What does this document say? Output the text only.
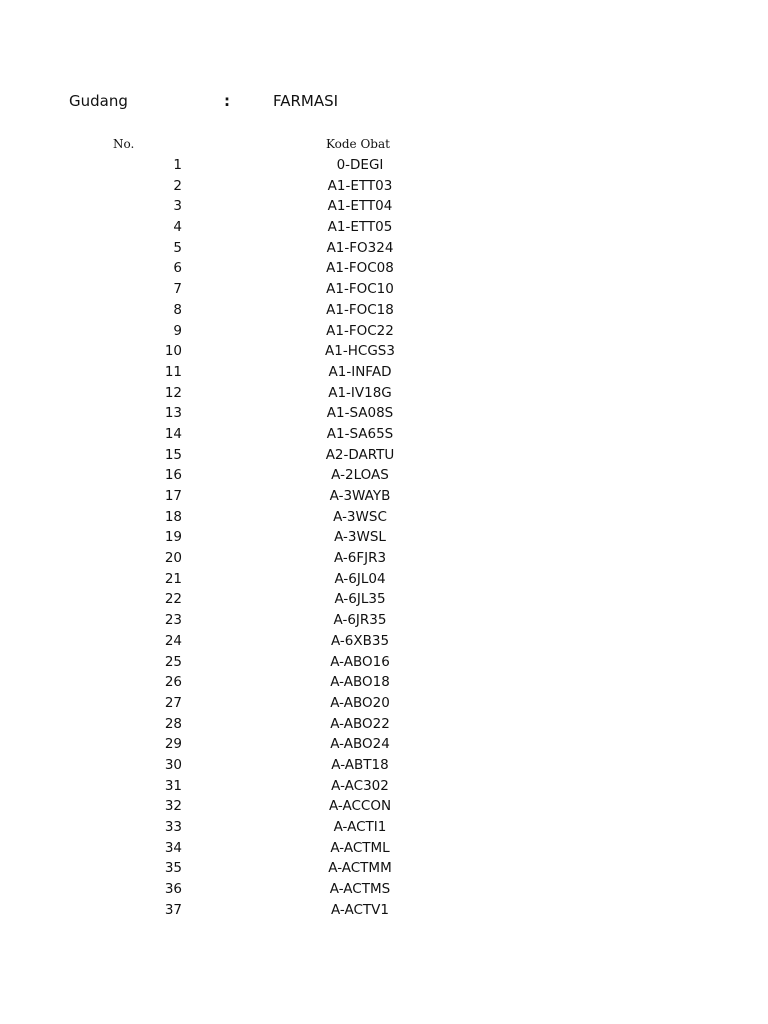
Gudang	:	FARMASI
No.	Kode Obat
1	0-DEGI
2	A1-ETT03
3	A1-ETT04
4	A1-ETT05
5	A1-FO324
6	A1-FOC08
7	A1-FOC10
8	A1-FOC18
9	A1-FOC22
10	A1-HCGS3
11	A1-INFAD
12	A1-IV18G
13	A1-SA08S
14	A1-SA65S
15	A2-DARTU
16	A-2LOAS
17	A-3WAYB
18	A-3WSC
19	A-3WSL
20	A-6FJR3
21	A-6JL04
22	A-6JL35
23	A-6JR35
24	A-6XB35
25	A-ABO16
26	A-ABO18
27	A-ABO20
28	A-ABO22
29	A-ABO24
30	A-ABT18
31	A-AC302
32	A-ACCON
33	A-ACTI1
34	A-ACTML
35	A-ACTMM
36	A-ACTMS
37	A-ACTV1
